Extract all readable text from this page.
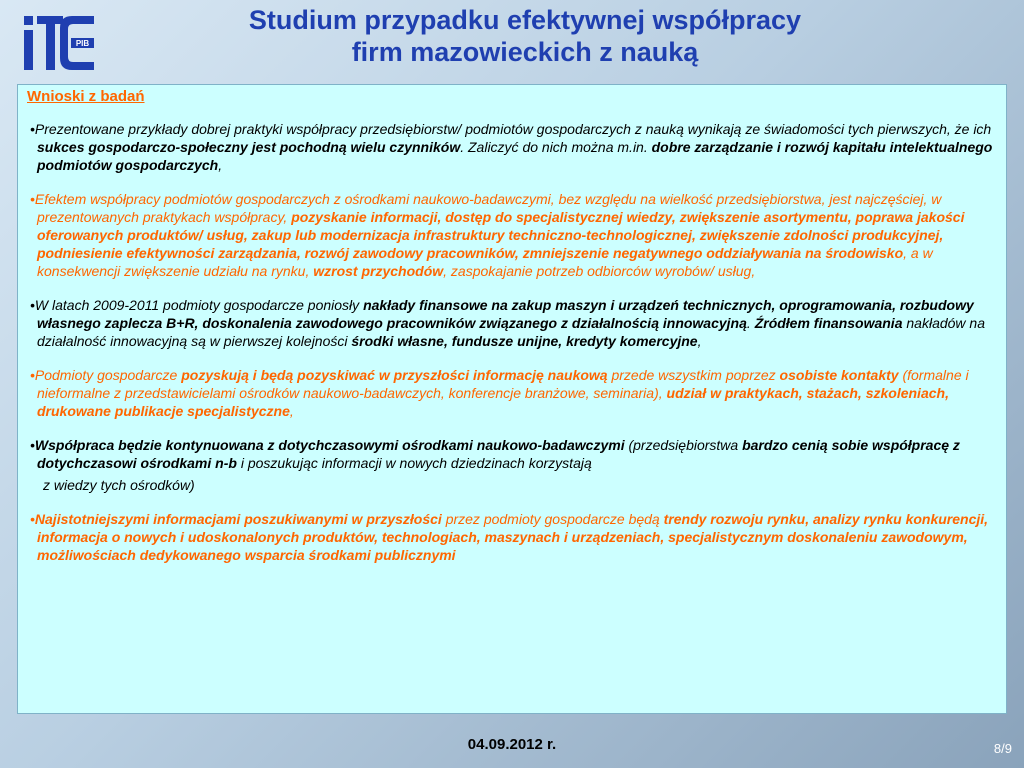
PIB
ITE	Studium przypadku efektywnej współpracy
firm mazowieckich z nauką
Wnioski z badań
•Prezentowane przykłady dobrej praktyki współpracy przedsiębiorstw/ podmiotów gospodarczych z nauką wynikają ze świadomości tych pierwszych, że ich sukces gospodarczo-społeczny jest pochodną wielu czynników. Zaliczyć do nich można m.in. dobre zarządzanie i rozwój kapitału intelektualnego podmiotów gospodarczych,
•Efektem współpracy podmiotów gospodarczych z ośrodkami naukowo-badawczymi, bez względu na wielkość przedsiębiorstwa, jest najczęściej, w prezentowanych praktykach współpracy, pozyskanie informacji, dostęp do specjalistycznej wiedzy, zwiększenie asortymentu, poprawa jakości oferowanych produktów/ usług, zakup lub modernizacja infrastruktury techniczno-technologicznej, zwiększenie zdolności produkcyjnej, podniesienie efektywności zarządzania, rozwój zawodowy pracowników, zmniejszenie negatywnego oddziaływania na środowisko, a w konsekwencji zwiększenie udziału na rynku, wzrost przychodów, zaspokajanie potrzeb odbiorców wyrobów/ usług,
•W latach 2009-2011 podmioty gospodarcze poniosły nakłady finansowe na zakup maszyn i urządzeń technicznych, oprogramowania, rozbudowy własnego zaplecza B+R, doskonalenia zawodowego pracowników związanego z działalnością innowacyjną. Źródłem finansowania nakładów na działalność innowacyjną są w pierwszej kolejności środki własne, fundusze unijne, kredyty komercyjne,
•Podmioty gospodarcze pozyskują i będą pozyskiwać w przyszłości informację naukową przede wszystkim poprzez osobiste kontakty (formalne i nieformalne z przedstawicielami ośrodków naukowo-badawczych, konferencje branżowe, seminaria), udział w praktykach, stażach, szkoleniach, drukowane publikacje specjalistyczne,
•Współpraca będzie kontynuowana z dotychczasowymi ośrodkami naukowo-badawczymi (przedsiębiorstwa bardzo cenią sobie współpracę z dotychczasowi ośrodkami n-b i poszukując informacji w nowych dziedzinach korzystają
z wiedzy tych ośrodków)
•Najistotniejszymi informacjami poszukiwanymi w przyszłości przez podmioty gospodarcze będą trendy rozwoju rynku, analizy rynku konkurencji, informacja o nowych i udoskonalonych produktów, technologiach, maszynach i urządzeniach, specjalistycznym doskonaleniu zawodowym, możliwościach dedykowanego wsparcia środkami publicznymi
04.09.2012 r.	8/9
